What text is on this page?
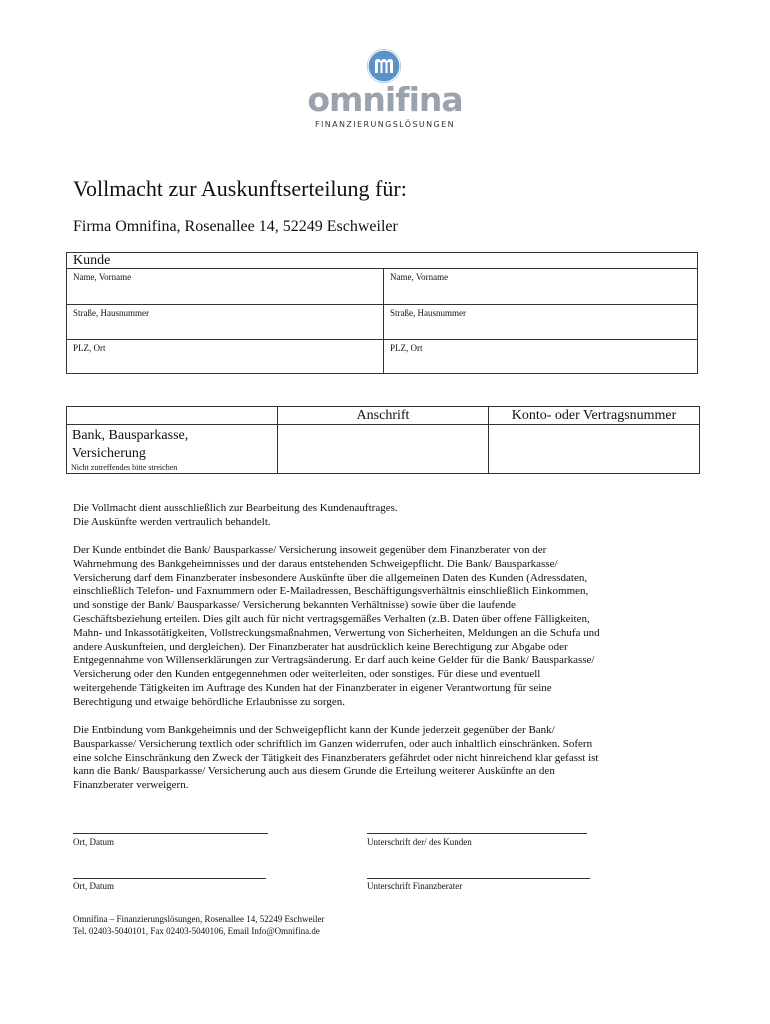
omnifina
FINANZIERUNGSLÖSUNGEN
Vollmacht zur Auskunftserteilung für:
Firma Omnifina, Rosenallee 14, 52249 Eschweiler
Kunde
Name, Vorname	Name, Vorname
Straße, Hausnummer	Straße, Hausnummer
PLZ, Ort	PLZ, Ort
	Anschrift	Konto- oder Vertragsnummer

Bank, Bausparkasse,
Versicherung
Nicht zutreffendes bitte streichen		

Die Vollmacht dient ausschließlich zur Bearbeitung des Kundenauftrages.
Die Auskünfte werden vertraulich behandelt.
Der Kunde entbindet die Bank/ Bausparkasse/ Versicherung insoweit gegenüber dem Finanzberater von der
Wahrnehmung des Bankgeheimnisses und der daraus entstehenden Schweigepflicht. Die Bank/ Bausparkasse/
Versicherung darf dem Finanzberater insbesondere Auskünfte über die allgemeinen Daten des Kunden (Adressdaten,
einschließlich Telefon- und Faxnummern oder E-Mailadressen, Beschäftigungsverhältnis einschließlich Einkommen,
und sonstige der Bank/ Bausparkasse/ Versicherung bekannten Verhältnisse) sowie über die laufende
Geschäftsbeziehung erteilen. Dies gilt auch für nicht vertragsgemäßes Verhalten (z.B. Daten über offene Fälligkeiten,
Mahn- und Inkassotätigkeiten, Vollstreckungsmaßnahmen, Verwertung von Sicherheiten, Meldungen an die Schufa und
andere Auskunfteien, und dergleichen). Der Finanzberater hat ausdrücklich keine Berechtigung zur Abgabe oder
Entgegennahme von Willenserklärungen zur Vertragsänderung. Er darf auch keine Gelder für die Bank/ Bausparkasse/
Versicherung oder den Kunden entgegennehmen oder weiterleiten, oder sonstiges. Für diese und eventuell
weitergehende Tätigkeiten im Auftrage des Kunden hat der Finanzberater in eigener Verantwortung für seine
Berechtigung und etwaige behördliche Erlaubnisse zu sorgen.
Die Entbindung vom Bankgeheimnis und der Schweigepflicht kann der Kunde jederzeit gegenüber der Bank/
Bausparkasse/ Versicherung textlich oder schriftlich im Ganzen widerrufen, oder auch inhaltlich einschränken. Sofern
eine solche Einschränkung den Zweck der Tätigkeit des Finanzberaters gefährdet oder nicht hinreichend klar gefasst ist
kann die Bank/ Bausparkasse/ Versicherung auch aus diesem Grunde die Erteilung weiterer Auskünfte an den
Finanzberater verweigern.
Ort, Datum	Unterschrift der/ des Kunden
Ort, Datum	Unterschrift Finanzberater
Omnifina – Finanzierungslösungen, Rosenallee 14, 52249 Eschweiler
Tel. 02403-5040101, Fax 02403-5040106, Email Info@Omnifina.de
